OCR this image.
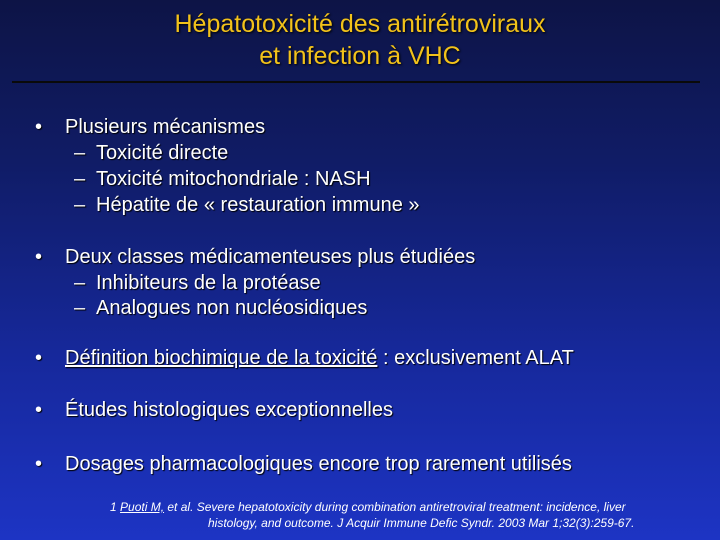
Hépatotoxicité des antirétroviraux
et infection à VHC
• Plusieurs mécanismes
– Toxicité directe
– Toxicité mitochondriale : NASH
– Hépatite de « restauration immune »
• Deux classes médicamenteuses plus étudiées
– Inhibiteurs de la protéase
– Analogues non nucléosidiques
• Définition biochimique de la toxicité : exclusivement ALAT
• Études histologiques exceptionnelles
• Dosages pharmacologiques encore trop rarement utilisés
1 Puoti M, et al. Severe hepatotoxicity during combination antiretroviral treatment: incidence, liver
histology, and outcome. J Acquir Immune Defic Syndr. 2003 Mar 1;32(3):259-67.
